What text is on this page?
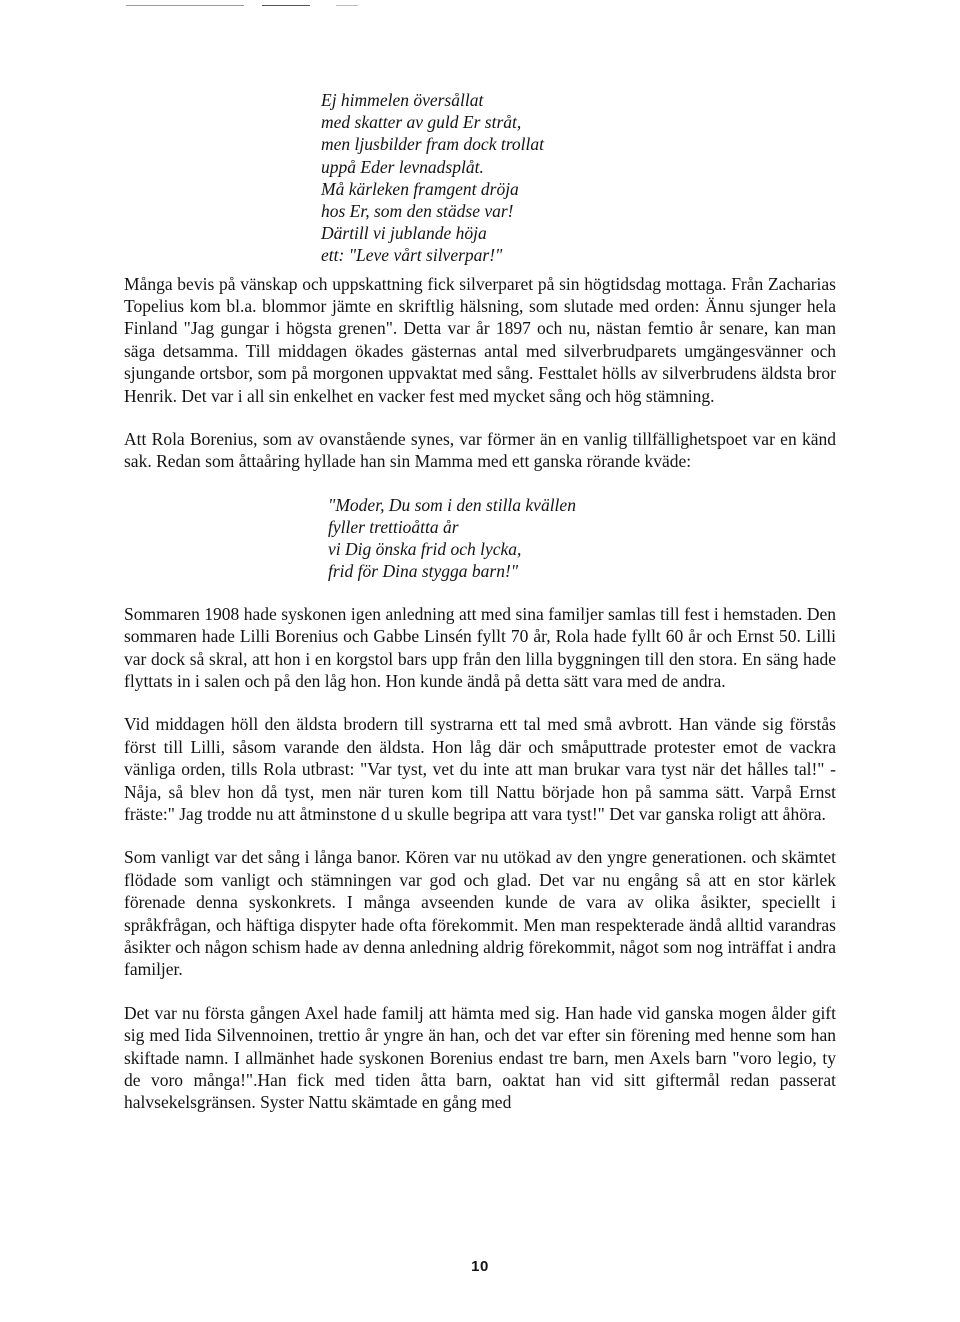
Ej himmelen översållat
med skatter av guld Er stråt,
men ljusbilder fram dock trollat
uppå Eder levnadsplåt.
Må kärleken framgent dröja
hos Er, som den städse var!
Därtill vi jublande höja
ett: "Leve vårt silverpar!"

Många bevis på vänskap och uppskattning fick silverparet på sin högtidsdag mottaga. Från Zacharias Topelius kom bl.a. blommor jämte en skriftlig hälsning, som slutade med orden: Ännu sjunger hela Finland "Jag gungar i högsta grenen". Detta var år 1897 och nu, nästan femtio år senare, kan man säga detsamma. Till middagen ökades gästernas antal med silverbrudparets umgängesvänner och sjungande ortsbor, som på morgonen uppvaktat med sång. Festtalet hölls av silverbrudens äldsta bror Henrik. Det var i all sin enkelhet en vacker fest med mycket sång och hög stämning.

Att Rola Borenius, som av ovanstående synes, var förmer än en vanlig tillfällighetspoet var en känd sak. Redan som åttaåring hyllade han sin Mamma med ett ganska rörande kväde:

"Moder, Du som i den stilla kvällen
fyller trettioåtta år
vi Dig önska frid och lycka,
frid för Dina stygga barn!"

Sommaren 1908 hade syskonen igen anledning att med sina familjer samlas till fest i hemstaden. Den sommaren hade Lilli Borenius och Gabbe Linsén fyllt 70 år, Rola hade fyllt 60 år och Ernst 50. Lilli var dock så skral, att hon i en korgstol bars upp från den lilla byggningen till den stora. En säng hade flyttats in i salen och på den låg hon. Hon kunde ändå på detta sätt vara med de andra.

Vid middagen höll den äldsta brodern till systrarna ett tal med små avbrott. Han vände sig förstås först till Lilli, såsom varande den äldsta. Hon låg där och småputtrade protester emot de vackra vänliga orden, tills Rola utbrast: "Var tyst, vet du inte att man brukar vara tyst när det hålles tal!" - Nåja, så blev hon då tyst, men när turen kom till Nattu började hon på samma sätt. Varpå Ernst fräste:" Jag trodde nu att åtminstone d u skulle begripa att vara tyst!" Det var ganska roligt att åhöra.

Som vanligt var det sång i långa banor. Kören var nu utökad av den yngre generationen. och skämtet flödade som vanligt och stämningen var god och glad. Det var nu engång så att en stor kärlek förenade denna syskonkrets. I många avseenden kunde de vara av olika åsikter, speciellt i språkfrågan, och häftiga dispyter hade ofta förekommit. Men man respekterade ändå alltid varandras åsikter och någon schism hade av denna anledning aldrig förekommit, något som nog inträffat i andra familjer.

Det var nu första gången Axel hade familj att hämta med sig. Han hade vid ganska mogen ålder gift sig med Iida Silvennoinen, trettio år yngre än han, och det var efter sin förening med henne som han skiftade namn. I allmänhet hade syskonen Borenius endast tre barn, men Axels barn "voro legio, ty de voro många!".Han fick med tiden åtta barn, oaktat han vid sitt giftermål redan passerat halvsekelsgränsen. Syster Nattu skämtade en gång med

10
